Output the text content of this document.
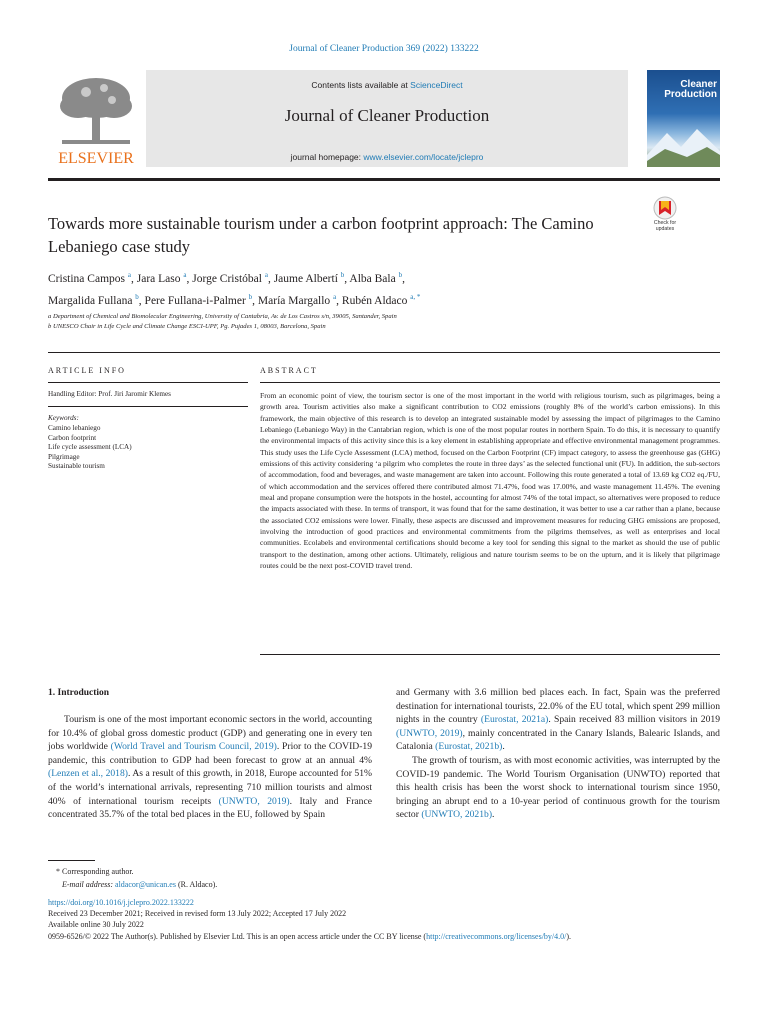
Journal of Cleaner Production 369 (2022) 133222
ELSEVIER
Contents lists available at ScienceDirect
Journal of Cleaner Production
journal homepage: www.elsevier.com/locate/jclepro
Cleaner Production
Towards more sustainable tourism under a carbon footprint approach: The Camino Lebaniego case study
Check for updates
Cristina Campos $^a$, Jara Laso $^a$, Jorge Cristóbal $^a$, Jaume Albertí $^b$, Alba Bala $^b$,
Margalida Fullana $^b$, Pere Fullana-i-Palmer $^b$, María Margallo $^a$, Rubén Aldaco $^{a, *}$
a Department of Chemical and Biomolecular Engineering, University of Cantabria, Av. de Los Castros s/n, 39005, Santander, Spain
b UNESCO Chair in Life Cycle and Climate Change ESCI-UPF, Pg. Pujades 1, 08003, Barcelona, Spain
ARTICLE INFO	ABSTRACT
Handling Editor: Prof. Jiri Jaromir Klemes
Keywords:
Camino lebaniego
Carbon footprint
Life cycle assessment (LCA)
Pilgrimage
Sustainable tourism
From an economic point of view, the tourism sector is one of the most important in the world with religious tourism, such as pilgrimages, being a growth area. Tourism activities also make a significant contribution to CO2 emissions (roughly 8% of the world’s carbon emissions). In this framework, the main objective of this research is to develop an integrated sustainable model by assessing the impact of pilgrimages to the Camino Lebaniego (Lebaniego Way) in the Cantabrian region, which is one of the most popular routes in northern Spain. To do this, it is necessary to quantify the environmental impacts of this activity since this is a key element in establishing appropriate and effective environmental management programmes. This study uses the Life Cycle Assessment (LCA) method, focused on the Carbon Footprint (CF) impact category, to assess the greenhouse gas (GHG) emissions of this activity considering ‘a pilgrim who completes the route in three days’ as the selected functional unit (FU). In addition, the sub-sectors of accommodation, food and beverages, and waste management are taken into account. Following this route generated a total of 13.69 kg CO2 eq./FU, of which accommodation and the services offered there contributed almost 71.47%, food was 17.00%, and waste management 11.45%. The evening meal and propane consumption were the hotspots in the hostel, accounting for almost 74% of the total impact, so alternatives were proposed to reduce the impacts associated with these. In terms of transport, it was found that for the same destination, it was better to use a car rather than a plane, because the associated CO2 emissions were lower. Finally, these aspects are discussed and improvement measures for reducing GHG emissions are proposed, involving the introduction of good practices and environmental commitments from the pilgrims themselves, as well as enterprises and local communities. Ecolabels and environmental certifications should become a key tool for sending this signal to the market as should the use of public transport to the destination, among other actions. Ultimately, religious and nature tourism seems to be on the upturn, and it is likely that pilgrimage routes could be the next post-COVID travel trend.
1. Introduction

Tourism is one of the most important economic sectors in the world, accounting for 10.4% of global gross domestic product (GDP) and generating one in every ten jobs worldwide (World Travel and Tourism Council, 2019). Prior to the COVID-19 pandemic, this contribution to GDP had been forecast to grow at an annual 4% (Lenzen et al., 2018). As a result of this growth, in 2018, Europe accounted for 51% of the world’s international arrivals, representing 710 million tourists and almost 40% of international tourism receipts (UNWTO, 2019). Italy and France concentrated 35.7% of the total bed places in the EU, followed by Spain

and Germany with 3.6 million bed places each. In fact, Spain was the preferred destination for international tourists, 22.0% of the EU total, which spent 299 million nights in the country (Eurostat, 2021a). Spain received 83 million visitors in 2019 (UNWTO, 2019), mainly concentrated in the Canary Islands, Balearic Islands, and Catalonia (Eurostat, 2021b).

The growth of tourism, as with most economic activities, was interrupted by the COVID-19 pandemic. The World Tourism Organisation (UNWTO) reported that this health crisis has been the worst shock to international tourism since 1950, bringing an abrupt end to a 10-year period of continuous growth for the tourism sector (UNWTO, 2021b).

* Corresponding author.
E-mail address: aldacor@unican.es (R. Aldaco).
https://doi.org/10.1016/j.jclepro.2022.133222
Received 23 December 2021; Received in revised form 13 July 2022; Accepted 17 July 2022
Available online 30 July 2022
0959-6526/© 2022 The Author(s). Published by Elsevier Ltd. This is an open access article under the CC BY license (http://creativecommons.org/licenses/by/4.0/).
